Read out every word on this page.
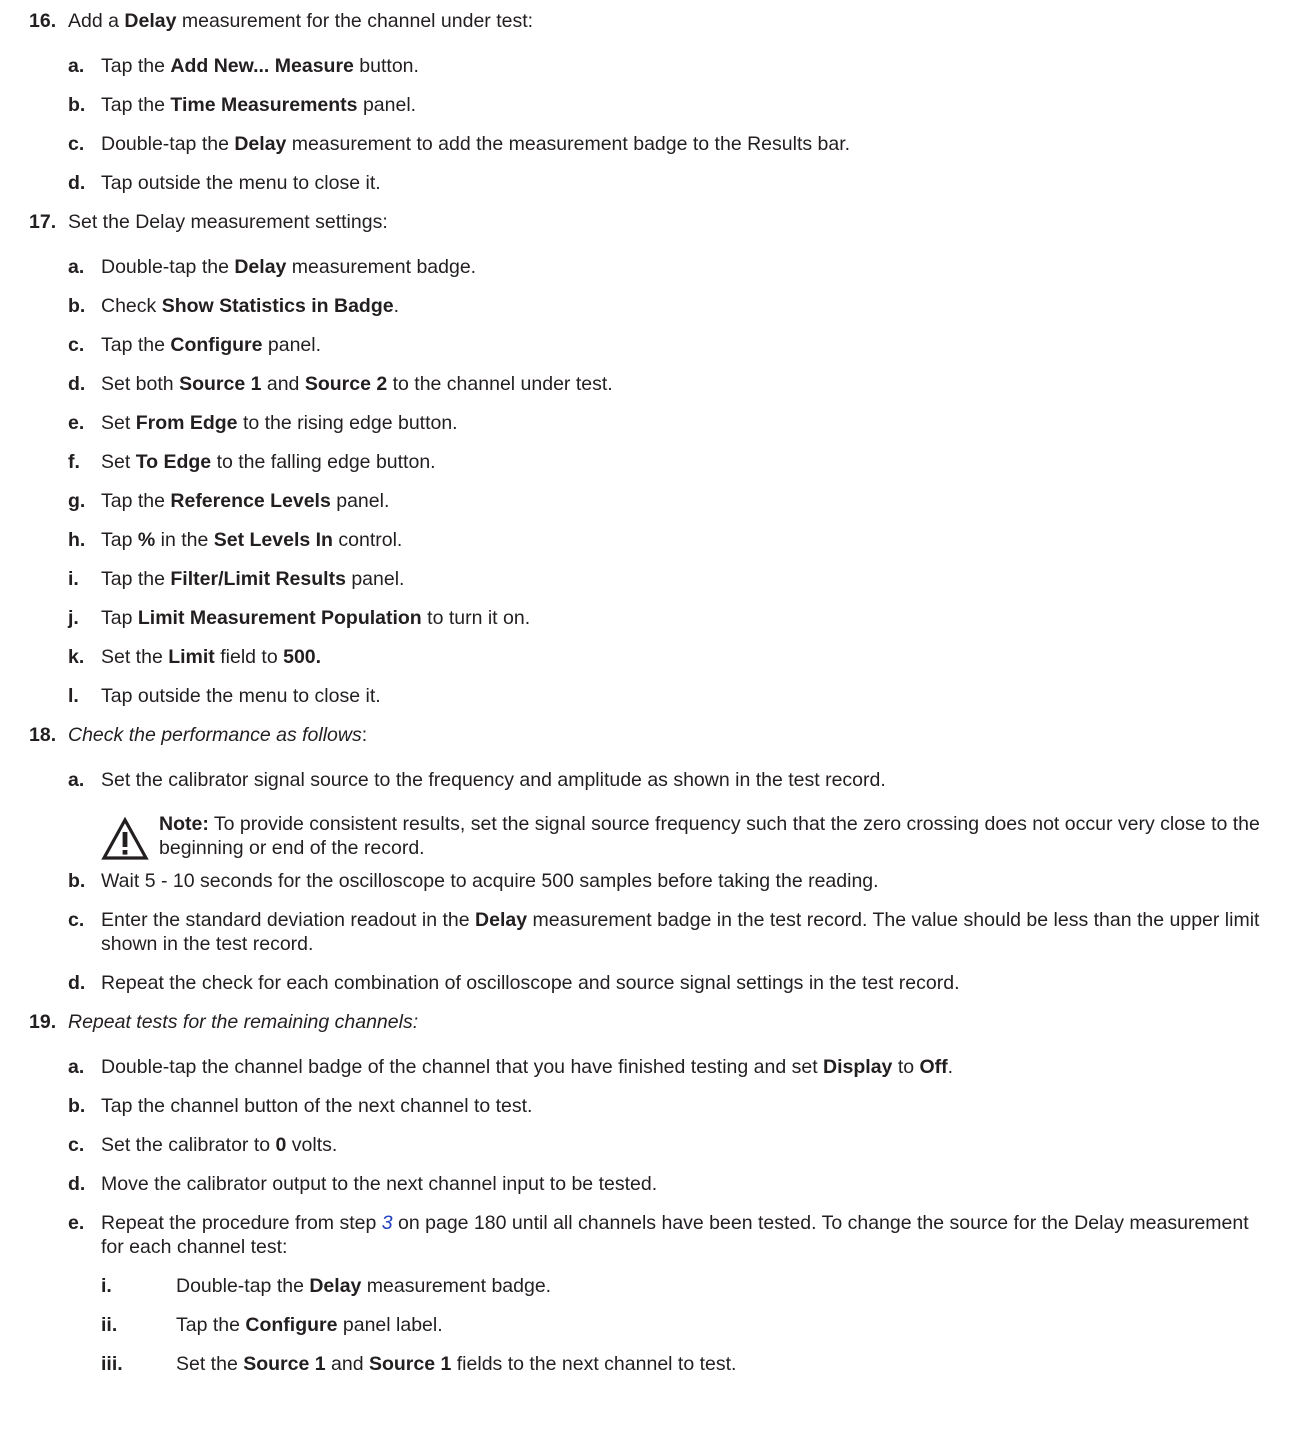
16. Add a Delay measurement for the channel under test:
a. Tap the Add New... Measure button.
b. Tap the Time Measurements panel.
c. Double-tap the Delay measurement to add the measurement badge to the Results bar.
d. Tap outside the menu to close it.
17. Set the Delay measurement settings:
a. Double-tap the Delay measurement badge.
b. Check Show Statistics in Badge.
c. Tap the Configure panel.
d. Set both Source 1 and Source 2 to the channel under test.
e. Set From Edge to the rising edge button.
f. Set To Edge to the falling edge button.
g. Tap the Reference Levels panel.
h. Tap % in the Set Levels In control.
i. Tap the Filter/Limit Results panel.
j. Tap Limit Measurement Population to turn it on.
k. Set the Limit field to 500.
l. Tap outside the menu to close it.
18. Check the performance as follows:
a. Set the calibrator signal source to the frequency and amplitude as shown in the test record.
Note: To provide consistent results, set the signal source frequency such that the zero crossing does not occur very close to the beginning or end of the record.
b. Wait 5 - 10 seconds for the oscilloscope to acquire 500 samples before taking the reading.
c. Enter the standard deviation readout in the Delay measurement badge in the test record. The value should be less than the upper limit shown in the test record.
d. Repeat the check for each combination of oscilloscope and source signal settings in the test record.
19. Repeat tests for the remaining channels:
a. Double-tap the channel badge of the channel that you have finished testing and set Display to Off.
b. Tap the channel button of the next channel to test.
c. Set the calibrator to 0 volts.
d. Move the calibrator output to the next channel input to be tested.
e. Repeat the procedure from step 3 on page 180 until all channels have been tested. To change the source for the Delay measurement for each channel test:
i.	Double-tap the Delay measurement badge.
ii.	Tap the Configure panel label.
iii.	Set the Source 1 and Source 1 fields to the next channel to test.
